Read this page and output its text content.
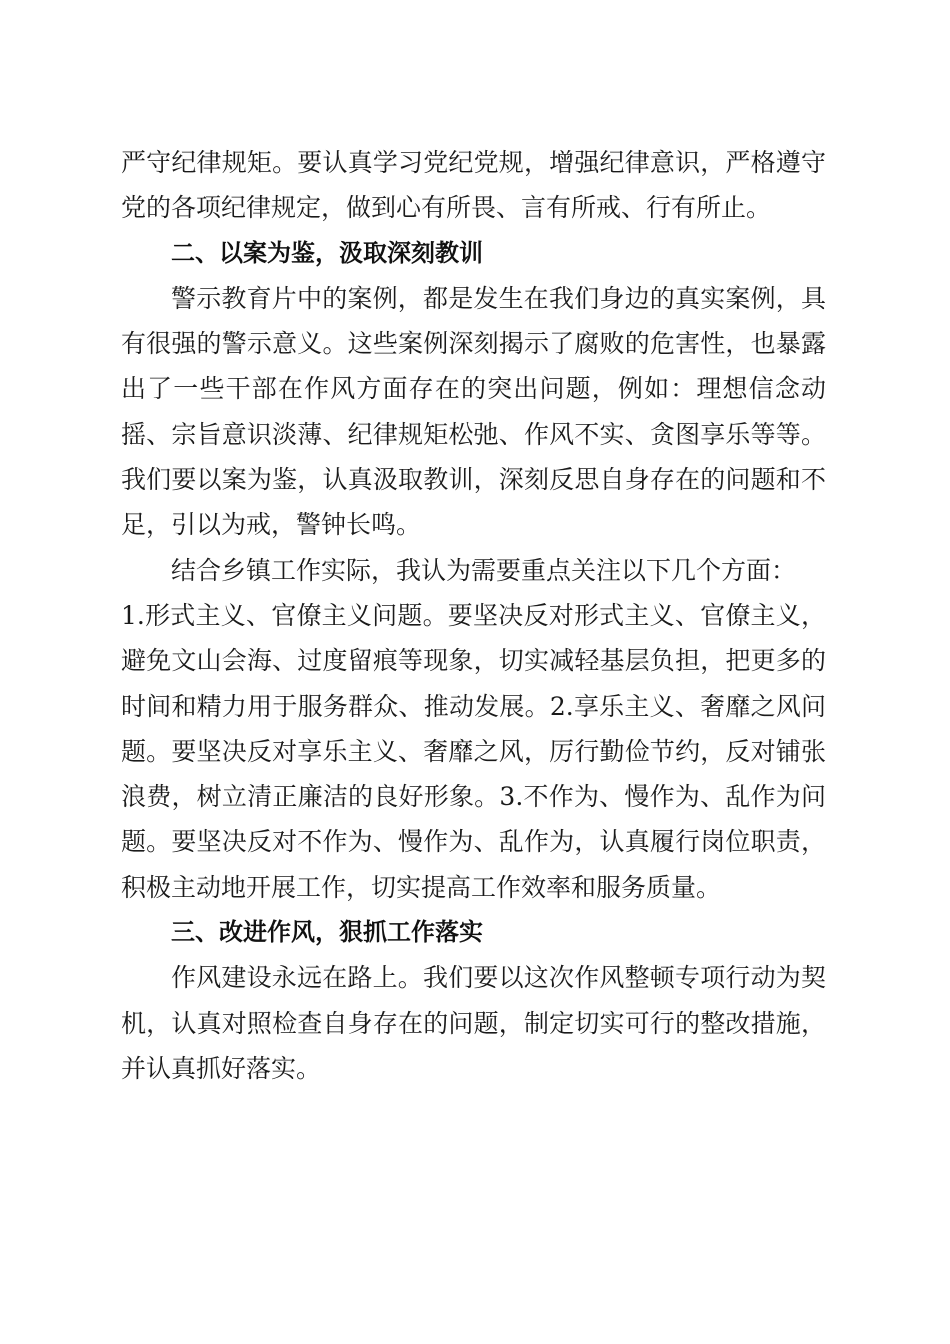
严守纪律规矩。要认真学习党纪党规，增强纪律意识，严格遵守党的各项纪律规定，做到心有所畏、言有所戒、行有所止。

二、以案为鉴，汲取深刻教训

警示教育片中的案例，都是发生在我们身边的真实案例，具有很强的警示意义。这些案例深刻揭示了腐败的危害性，也暴露出了一些干部在作风方面存在的突出问题，例如：理想信念动摇、宗旨意识淡薄、纪律规矩松弛、作风不实、贪图享乐等等。我们要以案为鉴，认真汲取教训，深刻反思自身存在的问题和不足，引以为戒，警钟长鸣。

结合乡镇工作实际，我认为需要重点关注以下几个方面：

1.形式主义、官僚主义问题。要坚决反对形式主义、官僚主义，避免文山会海、过度留痕等现象，切实减轻基层负担，把更多的时间和精力用于服务群众、推动发展。2.享乐主义、奢靡之风问题。要坚决反对享乐主义、奢靡之风，厉行勤俭节约，反对铺张浪费，树立清正廉洁的良好形象。3.不作为、慢作为、乱作为问题。要坚决反对不作为、慢作为、乱作为，认真履行岗位职责，积极主动地开展工作，切实提高工作效率和服务质量。

三、改进作风，狠抓工作落实

作风建设永远在路上。我们要以这次作风整顿专项行动为契机，认真对照检查自身存在的问题，制定切实可行的整改措施，并认真抓好落实。
